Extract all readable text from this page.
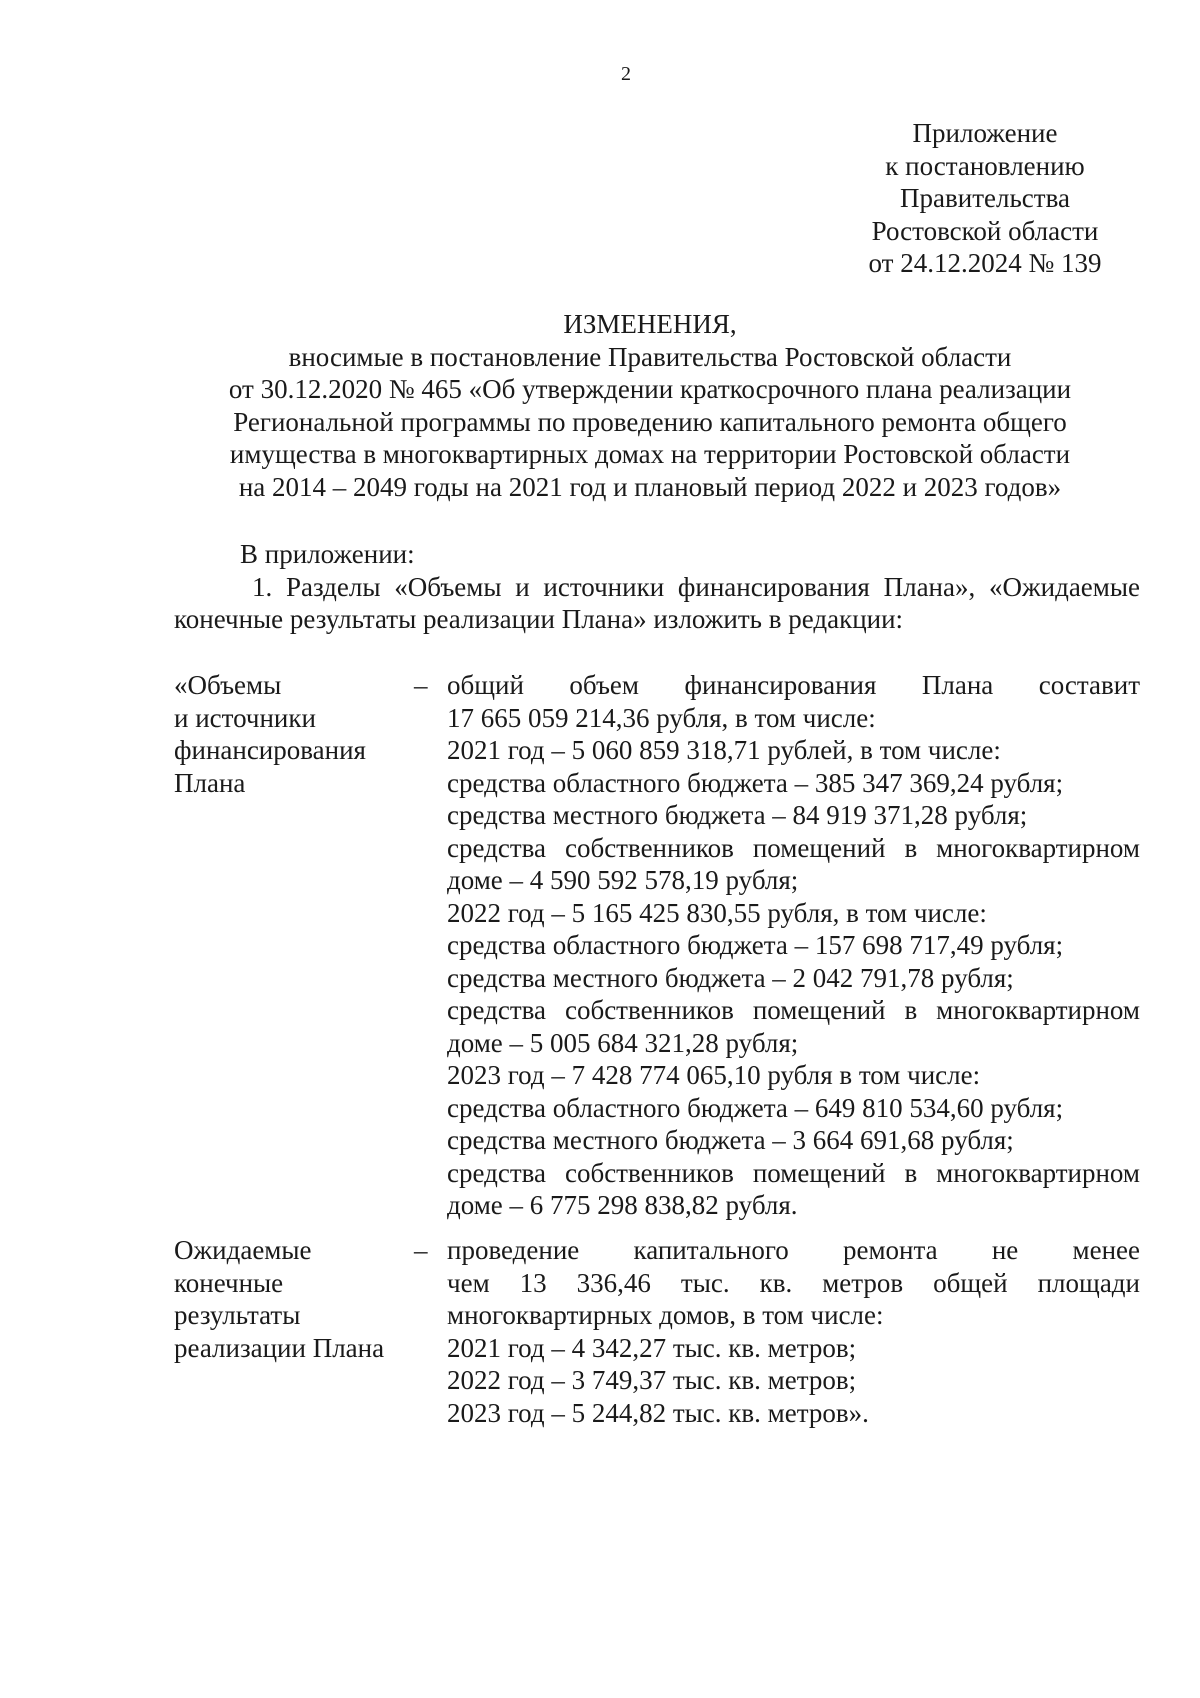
2
Приложение
к постановлению
Правительства
Ростовской области
от 24.12.2024 № 139
ИЗМЕНЕНИЯ,
вносимые в постановление Правительства Ростовской области
от 30.12.2020 № 465 «Об утверждении краткосрочного плана реализации
Региональной программы по проведению капитального ремонта общего
имущества в многоквартирных домах на территории Ростовской области
на 2014 – 2049 годы на 2021 год и плановый период 2022 и 2023 годов»
В приложении:
1. Разделы «Объемы и источники финансирования Плана», «Ожидаемые
конечные результаты реализации Плана» изложить в редакции:
«Объемы
и источники
финансирования
Плана
– общий объем финансирования Плана составит
17 665 059 214,36 рубля, в том числе:
2021 год – 5 060 859 318,71 рублей, в том числе:
средства областного бюджета – 385 347 369,24 рубля;
средства местного бюджета – 84 919 371,28 рубля;
средства собственников помещений в многоквартирном
доме – 4 590 592 578,19 рубля;
2022 год – 5 165 425 830,55 рубля, в том числе:
средства областного бюджета – 157 698 717,49 рубля;
средства местного бюджета – 2 042 791,78 рубля;
средства собственников помещений в многоквартирном
доме – 5 005 684 321,28 рубля;
2023 год – 7 428 774 065,10 рубля в том числе:
средства областного бюджета – 649 810 534,60 рубля;
средства местного бюджета – 3 664 691,68 рубля;
средства собственников помещений в многоквартирном
доме – 6 775 298 838,82 рубля.
Ожидаемые
конечные
результаты
реализации Плана
– проведение капитального ремонта не менее
чем 13 336,46 тыс. кв. метров общей площади
многоквартирных домов, в том числе:
2021 год – 4 342,27 тыс. кв. метров;
2022 год – 3 749,37 тыс. кв. метров;
2023 год – 5 244,82 тыс. кв. метров».
